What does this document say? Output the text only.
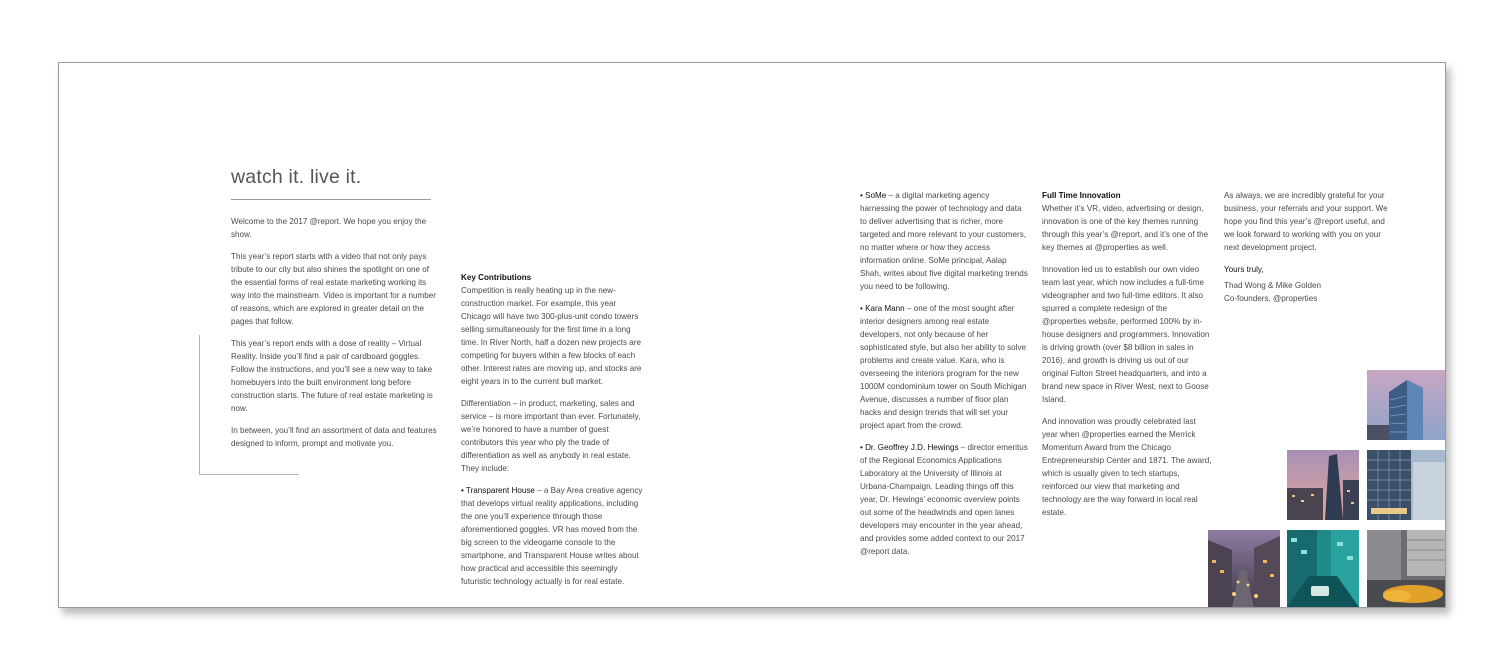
watch it. live it.

Welcome to the 2017 @report. We hope you enjoy the show.

This year’s report starts with a video that not only pays tribute to our city but also shines the spotlight on one of the essential forms of real estate marketing working its way into the mainstream. Video is important for a number of reasons, which are explored in greater detail on the pages that follow.

This year’s report ends with a dose of reality – Virtual Reality. Inside you’ll find a pair of cardboard goggles. Follow the instructions, and you’ll see a new way to take homebuyers into the built environment long before construction starts. The future of real estate marketing is now.

In between, you’ll find an assortment of data and features designed to inform, prompt and motivate you.

Key Contributions

Competition is really heating up in the new-construction market. For example, this year Chicago will have two 300-plus-unit condo towers selling simultaneously for the first time in a long time. In River North, half a dozen new projects are competing for buyers within a few blocks of each other. Interest rates are moving up, and stocks are eight years in to the current bull market.

Differentiation – in product, marketing, sales and service – is more important than ever. Fortunately, we’re honored to have a number of guest contributors this year who ply the trade of differentiation as well as anybody in real estate. They include:

• Transparent House – a Bay Area creative agency that develops virtual reality applications, including the one you’ll experience through those aforementioned goggles. VR has moved from the big screen to the videogame console to the smartphone, and Transparent House writes about how practical and accessible this seemingly futuristic technology actually is for real estate.

• SoMe – a digital marketing agency harnessing the power of technology and data to deliver advertising that is richer, more targeted and more relevant to your customers, no matter where or how they access information online. SoMe principal, Aalap Shah, writes about five digital marketing trends you need to be following.

• Kara Mann – one of the most sought after interior designers among real estate developers, not only because of her sophisticated style, but also her ability to solve problems and create value. Kara, who is overseeing the interiors program for the new 1000M condominium tower on South Michigan Avenue, discusses a number of floor plan hacks and design trends that will set your project apart from the crowd.

• Dr. Geoffrey J.D. Hewings – director emeritus of the Regional Economics Applications Laboratory at the University of Illinois at Urbana-Champaign. Leading things off this year, Dr. Hewings’ economic overview points out some of the headwinds and open lanes developers may encounter in the year ahead, and provides some added context to our 2017 @report data.

Full Time Innovation

Whether it’s VR, video, advertising or design, innovation is one of the key themes running through this year’s @report, and it’s one of the key themes at @properties as well.

Innovation led us to establish our own video team last year, which now includes a full-time videographer and two full-time editors. It also spurred a complete redesign of the @properties website, performed 100% by in-house designers and programmers. Innovation is driving growth (over $8 billion in sales in 2016), and growth is driving us out of our original Fulton Street headquarters, and into a brand new space in River West, next to Goose Island.

And innovation was proudly celebrated last year when @properties earned the Merrick Momentum Award from the Chicago Entrepreneurship Center and 1871. The award, which is usually given to tech startups, reinforced our view that marketing and technology are the way forward in local real estate.

As always, we are incredibly grateful for your business, your referrals and your support. We hope you find this year’s @report useful, and we look forward to working with you on your next development project.

Yours truly,

Thad Wong & Mike Golden
Co-founders, @properties
